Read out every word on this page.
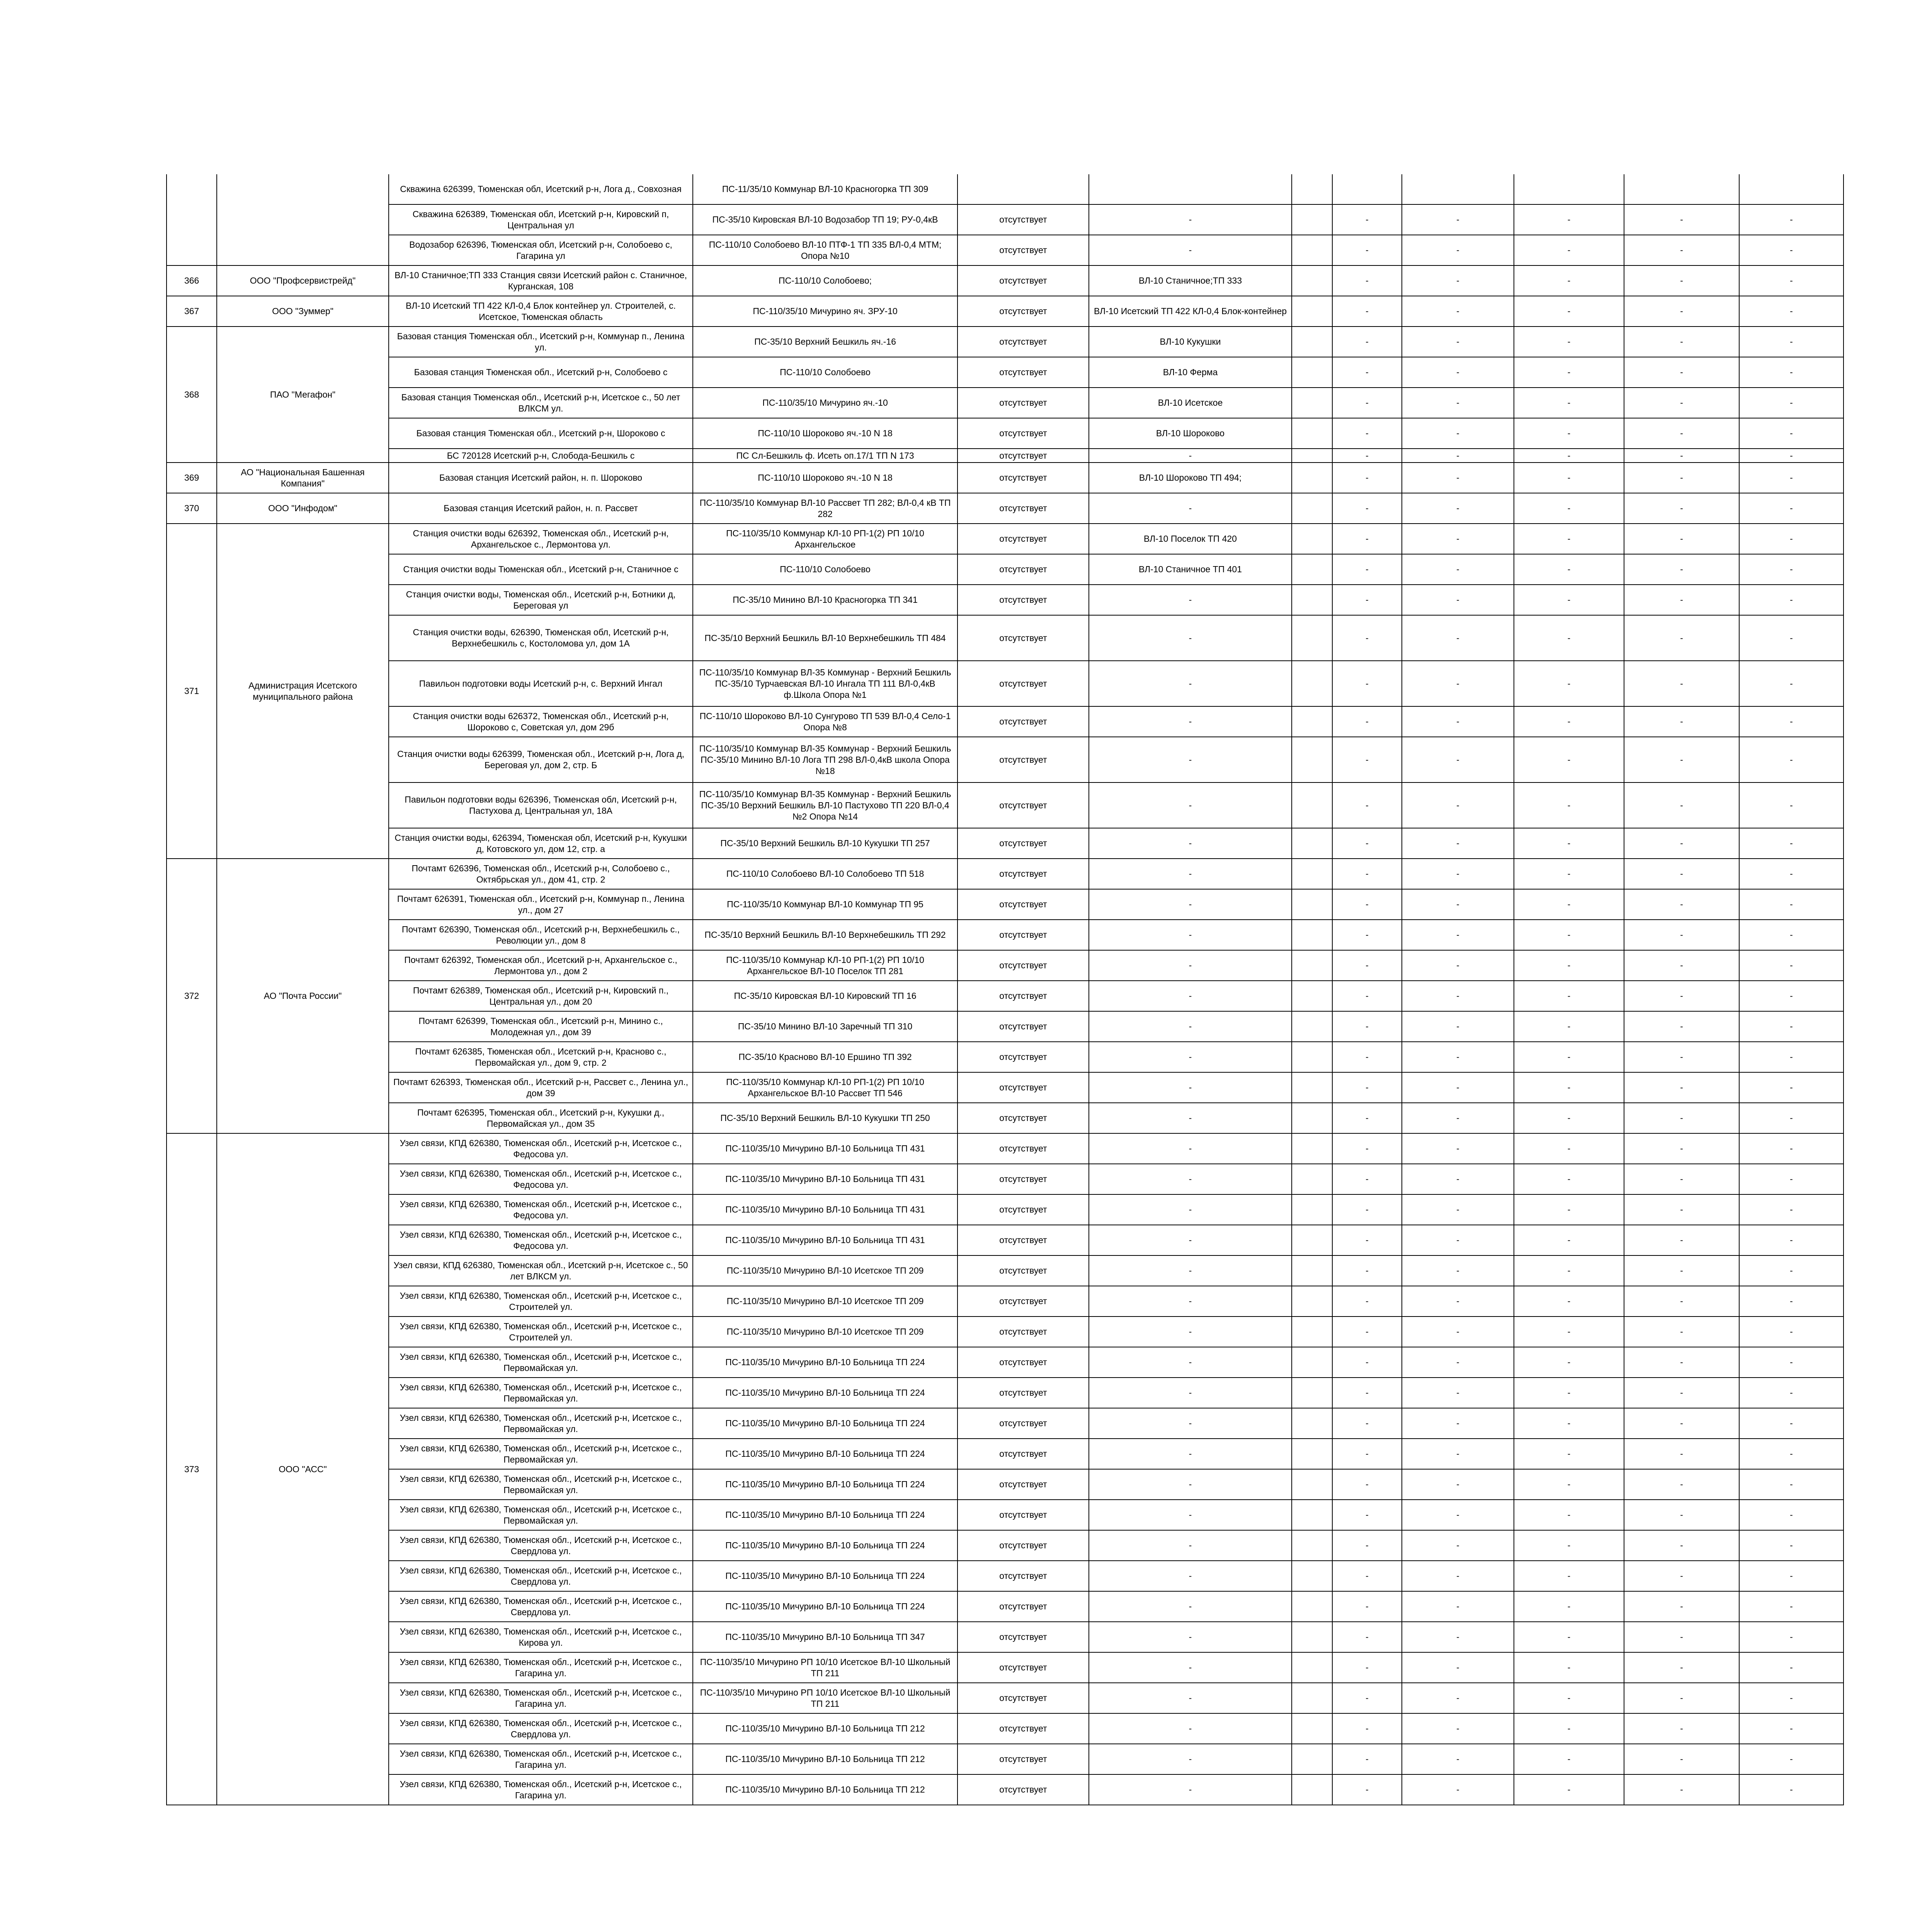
		Скважина 626399, Тюменская обл, Исетский р-н, Лога д., Совхозная	ПС-11/35/10 Коммунар ВЛ-10 Красногорка ТП 309								
		Скважина 626389, Тюменская обл, Исетский р-н, Кировский п, Центральная ул	ПС-35/10 Кировская ВЛ-10 Водозабор ТП 19; РУ-0,4кВ	отсутствует	-		-	-	-	-	-
		Водозабор 626396, Тюменская обл, Исетский р-н, Солобоево с, Гагарина ул	ПС-110/10 Солобоево ВЛ-10 ПТФ-1 ТП 335 ВЛ-0,4 МТМ; Опора №10	отсутствует	-		-	-	-	-	-
366	ООО "Профсервистрейд"	ВЛ-10 Станичное;ТП 333 Станция связи Исетский район с. Станичное, Курганская, 108	ПС-110/10 Солобоево;	отсутствует	ВЛ-10 Станичное;ТП 333		-	-	-	-	-
367	ООО "Зуммер"	ВЛ-10 Исетский ТП 422 КЛ-0,4 Блок контейнер ул. Строителей, с. Исетское, Тюменская область	ПС-110/35/10 Мичурино яч. ЗРУ-10	отсутствует	ВЛ-10 Исетский ТП 422 КЛ-0,4 Блок-контейнер		-	-	-	-	-
368	ПАО "Мегафон"	Базовая станция Тюменская обл., Исетский р-н, Коммунар п., Ленина ул.	ПС-35/10 Верхний Бешкиль яч.-16	отсутствует	ВЛ-10 Кукушки		-	-	-	-	-
		Базовая станция Тюменская обл., Исетский р-н, Солобоево с	ПС-110/10 Солобоево	отсутствует	ВЛ-10 Ферма		-	-	-	-	-
		Базовая станция Тюменская обл., Исетский р-н, Исетское с., 50 лет ВЛКСМ ул.	ПС-110/35/10 Мичурино яч.-10	отсутствует	ВЛ-10 Исетское		-	-	-	-	-
		Базовая станция Тюменская обл., Исетский р-н, Шороково с	ПС-110/10 Шороково яч.-10 N 18	отсутствует	ВЛ-10 Шороково		-	-	-	-	-
		БС 720128 Исетский р-н, Слобода-Бешкиль с	ПС Сл-Бешкиль ф. Исеть оп.17/1 ТП N 173	отсутствует	-		-	-	-	-	-
369	АО "Национальная Башенная Компания"	Базовая станция Исетский район, н. п. Шороково	ПС-110/10 Шороково яч.-10 N 18	отсутствует	ВЛ-10 Шороково ТП 494;		-	-	-	-	-
370	ООО "Инфодом"	Базовая станция Исетский район, н. п. Рассвет	ПС-110/35/10 Коммунар ВЛ-10 Рассвет ТП 282; ВЛ-0,4 кВ ТП 282	отсутствует	-		-	-	-	-	-
371	Администрация Исетского муниципального района	Станция очистки воды 626392, Тюменская обл., Исетский р-н, Архангельское с., Лермонтова ул.	ПС-110/35/10 Коммунар КЛ-10 РП-1(2) РП 10/10 Архангельское	отсутствует	ВЛ-10 Поселок ТП 420		-	-	-	-	-
		Станция очистки воды Тюменская обл., Исетский р-н, Станичное с	ПС-110/10 Солобоево	отсутствует	ВЛ-10 Станичное ТП 401		-	-	-	-	-
		Станция очистки воды, Тюменская обл., Исетский р-н, Ботники д, Береговая ул	ПС-35/10 Минино ВЛ-10 Красногорка ТП 341	отсутствует	-		-	-	-	-	-
		Станция очистки воды, 626390, Тюменская обл, Исетский р-н, Верхнебешкиль с, Костоломова ул, дом 1А	ПС-35/10 Верхний Бешкиль ВЛ-10 Верхнебешкиль ТП 484	отсутствует	-		-	-	-	-	-
		Павильон подготовки воды Исетский р-н, с. Верхний Ингал	ПС-110/35/10 Коммунар ВЛ-35 Коммунар - Верхний Бешкиль ПС-35/10 Турчаевская ВЛ-10 Ингала ТП 111 ВЛ-0,4кВ ф.Школа Опора №1	отсутствует	-		-	-	-	-	-
		Станция очистки воды 626372, Тюменская обл., Исетский р-н, Шороково с, Советская ул, дом 29б	ПС-110/10 Шороково ВЛ-10 Сунгурово ТП 539 ВЛ-0,4 Село-1 Опора №8	отсутствует	-		-	-	-	-	-
		Станция очистки воды 626399, Тюменская обл., Исетский р-н, Лога д, Береговая ул, дом 2, стр. Б	ПС-110/35/10 Коммунар ВЛ-35 Коммунар - Верхний Бешкиль ПС-35/10 Минино ВЛ-10 Лога ТП 298 ВЛ-0,4кВ школа Опора №18	отсутствует	-		-	-	-	-	-
		Павильон подготовки воды 626396, Тюменская обл, Исетский р-н, Пастухова д, Центральная ул, 18А	ПС-110/35/10 Коммунар ВЛ-35 Коммунар - Верхний Бешкиль ПС-35/10 Верхний Бешкиль ВЛ-10 Пастухово ТП 220 ВЛ-0,4 №2 Опора №14	отсутствует	-		-	-	-	-	-
		Станция очистки воды, 626394, Тюменская обл, Исетский р-н, Кукушки д, Котовского ул, дом 12, стр. а	ПС-35/10 Верхний Бешкиль ВЛ-10 Кукушки ТП 257	отсутствует	-		-	-	-	-	-
372	АО "Почта России"	Почтамт 626396, Тюменская обл., Исетский р-н, Солобоево с., Октябрьская ул., дом 41, стр. 2	ПС-110/10 Солобоево ВЛ-10 Солобоево ТП 518	отсутствует	-		-	-	-	-	-
		Почтамт 626391, Тюменская обл., Исетский р-н, Коммунар п., Ленина ул., дом 27	ПС-110/35/10 Коммунар ВЛ-10 Коммунар ТП 95	отсутствует	-		-	-	-	-	-
		Почтамт 626390, Тюменская обл., Исетский р-н, Верхнебешкиль с., Революции ул., дом 8	ПС-35/10 Верхний Бешкиль ВЛ-10 Верхнебешкиль ТП 292	отсутствует	-		-	-	-	-	-
		Почтамт 626392, Тюменская обл., Исетский р-н, Архангельское с., Лермонтова ул., дом 2	ПС-110/35/10 Коммунар КЛ-10 РП-1(2) РП 10/10 Архангельское ВЛ-10 Поселок ТП 281	отсутствует	-		-	-	-	-	-
		Почтамт 626389, Тюменская обл., Исетский р-н, Кировский п., Центральная ул., дом 20	ПС-35/10 Кировская ВЛ-10 Кировский ТП 16	отсутствует	-		-	-	-	-	-
		Почтамт 626399, Тюменская обл., Исетский р-н, Минино с., Молодежная ул., дом 39	ПС-35/10 Минино ВЛ-10 Заречный ТП 310	отсутствует	-		-	-	-	-	-
		Почтамт 626385, Тюменская обл., Исетский р-н, Красново с., Первомайская ул., дом 9, стр. 2	ПС-35/10 Красново ВЛ-10 Ершино ТП 392	отсутствует	-		-	-	-	-	-
		Почтамт 626393, Тюменская обл., Исетский р-н, Рассвет с., Ленина ул., дом 39	ПС-110/35/10 Коммунар КЛ-10 РП-1(2) РП 10/10 Архангельское ВЛ-10 Рассвет ТП 546	отсутствует	-		-	-	-	-	-
		Почтамт 626395, Тюменская обл., Исетский р-н, Кукушки д., Первомайская ул., дом 35	ПС-35/10 Верхний Бешкиль ВЛ-10 Кукушки ТП 250	отсутствует	-		-	-	-	-	-
373	ООО "АСС"	Узел связи, КПД 626380, Тюменская обл., Исетский р-н, Исетское с., Федосова ул.	ПС-110/35/10 Мичурино ВЛ-10 Больница ТП 431	отсутствует	-		-	-	-	-	-
		Узел связи, КПД 626380, Тюменская обл., Исетский р-н, Исетское с., Федосова ул.	ПС-110/35/10 Мичурино ВЛ-10 Больница ТП 431	отсутствует	-		-	-	-	-	-
		Узел связи, КПД 626380, Тюменская обл., Исетский р-н, Исетское с., Федосова ул.	ПС-110/35/10 Мичурино ВЛ-10 Больница ТП 431	отсутствует	-		-	-	-	-	-
		Узел связи, КПД 626380, Тюменская обл., Исетский р-н, Исетское с., Федосова ул.	ПС-110/35/10 Мичурино ВЛ-10 Больница ТП 431	отсутствует	-		-	-	-	-	-
		Узел связи, КПД 626380, Тюменская обл., Исетский р-н, Исетское с., 50 лет ВЛКСМ ул.	ПС-110/35/10 Мичурино ВЛ-10 Исетское ТП 209	отсутствует	-		-	-	-	-	-
		Узел связи, КПД 626380, Тюменская обл., Исетский р-н, Исетское с., Строителей ул.	ПС-110/35/10 Мичурино ВЛ-10 Исетское ТП 209	отсутствует	-		-	-	-	-	-
		Узел связи, КПД 626380, Тюменская обл., Исетский р-н, Исетское с., Строителей ул.	ПС-110/35/10 Мичурино ВЛ-10 Исетское ТП 209	отсутствует	-		-	-	-	-	-
		Узел связи, КПД 626380, Тюменская обл., Исетский р-н, Исетское с., Первомайская ул.	ПС-110/35/10 Мичурино ВЛ-10 Больница ТП 224	отсутствует	-		-	-	-	-	-
		Узел связи, КПД 626380, Тюменская обл., Исетский р-н, Исетское с., Первомайская ул.	ПС-110/35/10 Мичурино ВЛ-10 Больница ТП 224	отсутствует	-		-	-	-	-	-
		Узел связи, КПД 626380, Тюменская обл., Исетский р-н, Исетское с., Первомайская ул.	ПС-110/35/10 Мичурино ВЛ-10 Больница ТП 224	отсутствует	-		-	-	-	-	-
		Узел связи, КПД 626380, Тюменская обл., Исетский р-н, Исетское с., Первомайская ул.	ПС-110/35/10 Мичурино ВЛ-10 Больница ТП 224	отсутствует	-		-	-	-	-	-
		Узел связи, КПД 626380, Тюменская обл., Исетский р-н, Исетское с., Первомайская ул.	ПС-110/35/10 Мичурино ВЛ-10 Больница ТП 224	отсутствует	-		-	-	-	-	-
		Узел связи, КПД 626380, Тюменская обл., Исетский р-н, Исетское с., Первомайская ул.	ПС-110/35/10 Мичурино ВЛ-10 Больница ТП 224	отсутствует	-		-	-	-	-	-
		Узел связи, КПД 626380, Тюменская обл., Исетский р-н, Исетское с., Свердлова ул.	ПС-110/35/10 Мичурино ВЛ-10 Больница ТП 224	отсутствует	-		-	-	-	-	-
		Узел связи, КПД 626380, Тюменская обл., Исетский р-н, Исетское с., Свердлова ул.	ПС-110/35/10 Мичурино ВЛ-10 Больница ТП 224	отсутствует	-		-	-	-	-	-
		Узел связи, КПД 626380, Тюменская обл., Исетский р-н, Исетское с., Свердлова ул.	ПС-110/35/10 Мичурино ВЛ-10 Больница ТП 224	отсутствует	-		-	-	-	-	-
		Узел связи, КПД 626380, Тюменская обл., Исетский р-н, Исетское с., Кирова ул.	ПС-110/35/10 Мичурино ВЛ-10 Больница ТП 347	отсутствует	-		-	-	-	-	-
		Узел связи, КПД 626380, Тюменская обл., Исетский р-н, Исетское с., Гагарина ул.	ПС-110/35/10 Мичурино РП 10/10 Исетское ВЛ-10 Школьный ТП 211	отсутствует	-		-	-	-	-	-
		Узел связи, КПД 626380, Тюменская обл., Исетский р-н, Исетское с., Гагарина ул.	ПС-110/35/10 Мичурино РП 10/10 Исетское ВЛ-10 Школьный ТП 211	отсутствует	-		-	-	-	-	-
		Узел связи, КПД 626380, Тюменская обл., Исетский р-н, Исетское с., Свердлова ул.	ПС-110/35/10 Мичурино ВЛ-10 Больница ТП 212	отсутствует	-		-	-	-	-	-
		Узел связи, КПД 626380, Тюменская обл., Исетский р-н, Исетское с., Гагарина ул.	ПС-110/35/10 Мичурино ВЛ-10 Больница ТП 212	отсутствует	-		-	-	-	-	-
		Узел связи, КПД 626380, Тюменская обл., Исетский р-н, Исетское с., Гагарина ул.	ПС-110/35/10 Мичурино ВЛ-10 Больница ТП 212	отсутствует	-		-	-	-	-	-
